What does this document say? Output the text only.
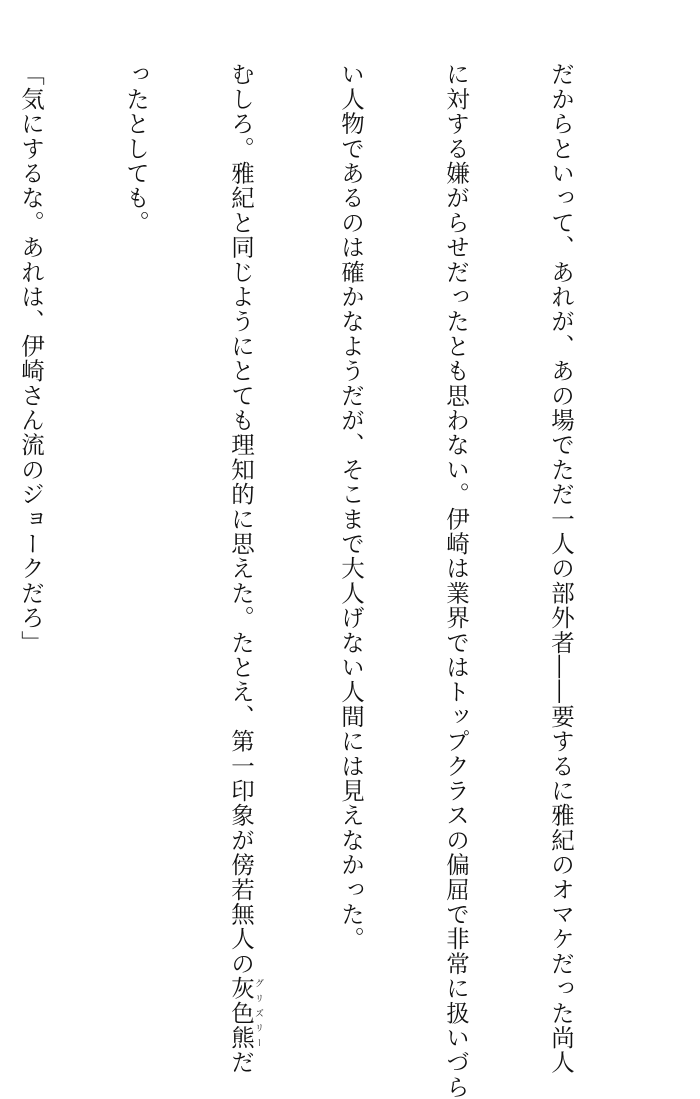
だからといって、あれが、あの場でただ一人の部外者――要するに雅紀のオマケだった尚人

に対する嫌がらせだったとも思わない。伊崎は業界ではトップクラスの偏屈で非常に扱いづら

い人物であるのは確かなようだが、そこまで大人げない人間には見えなかった。

むしろ。雅紀と同じようにとても理知的に思えた。たとえ、第一印象が傍若無人の灰色熊グリズリーだ

ったとしても。

「気にするな。あれは、伊崎さん流のジョークだろ」
